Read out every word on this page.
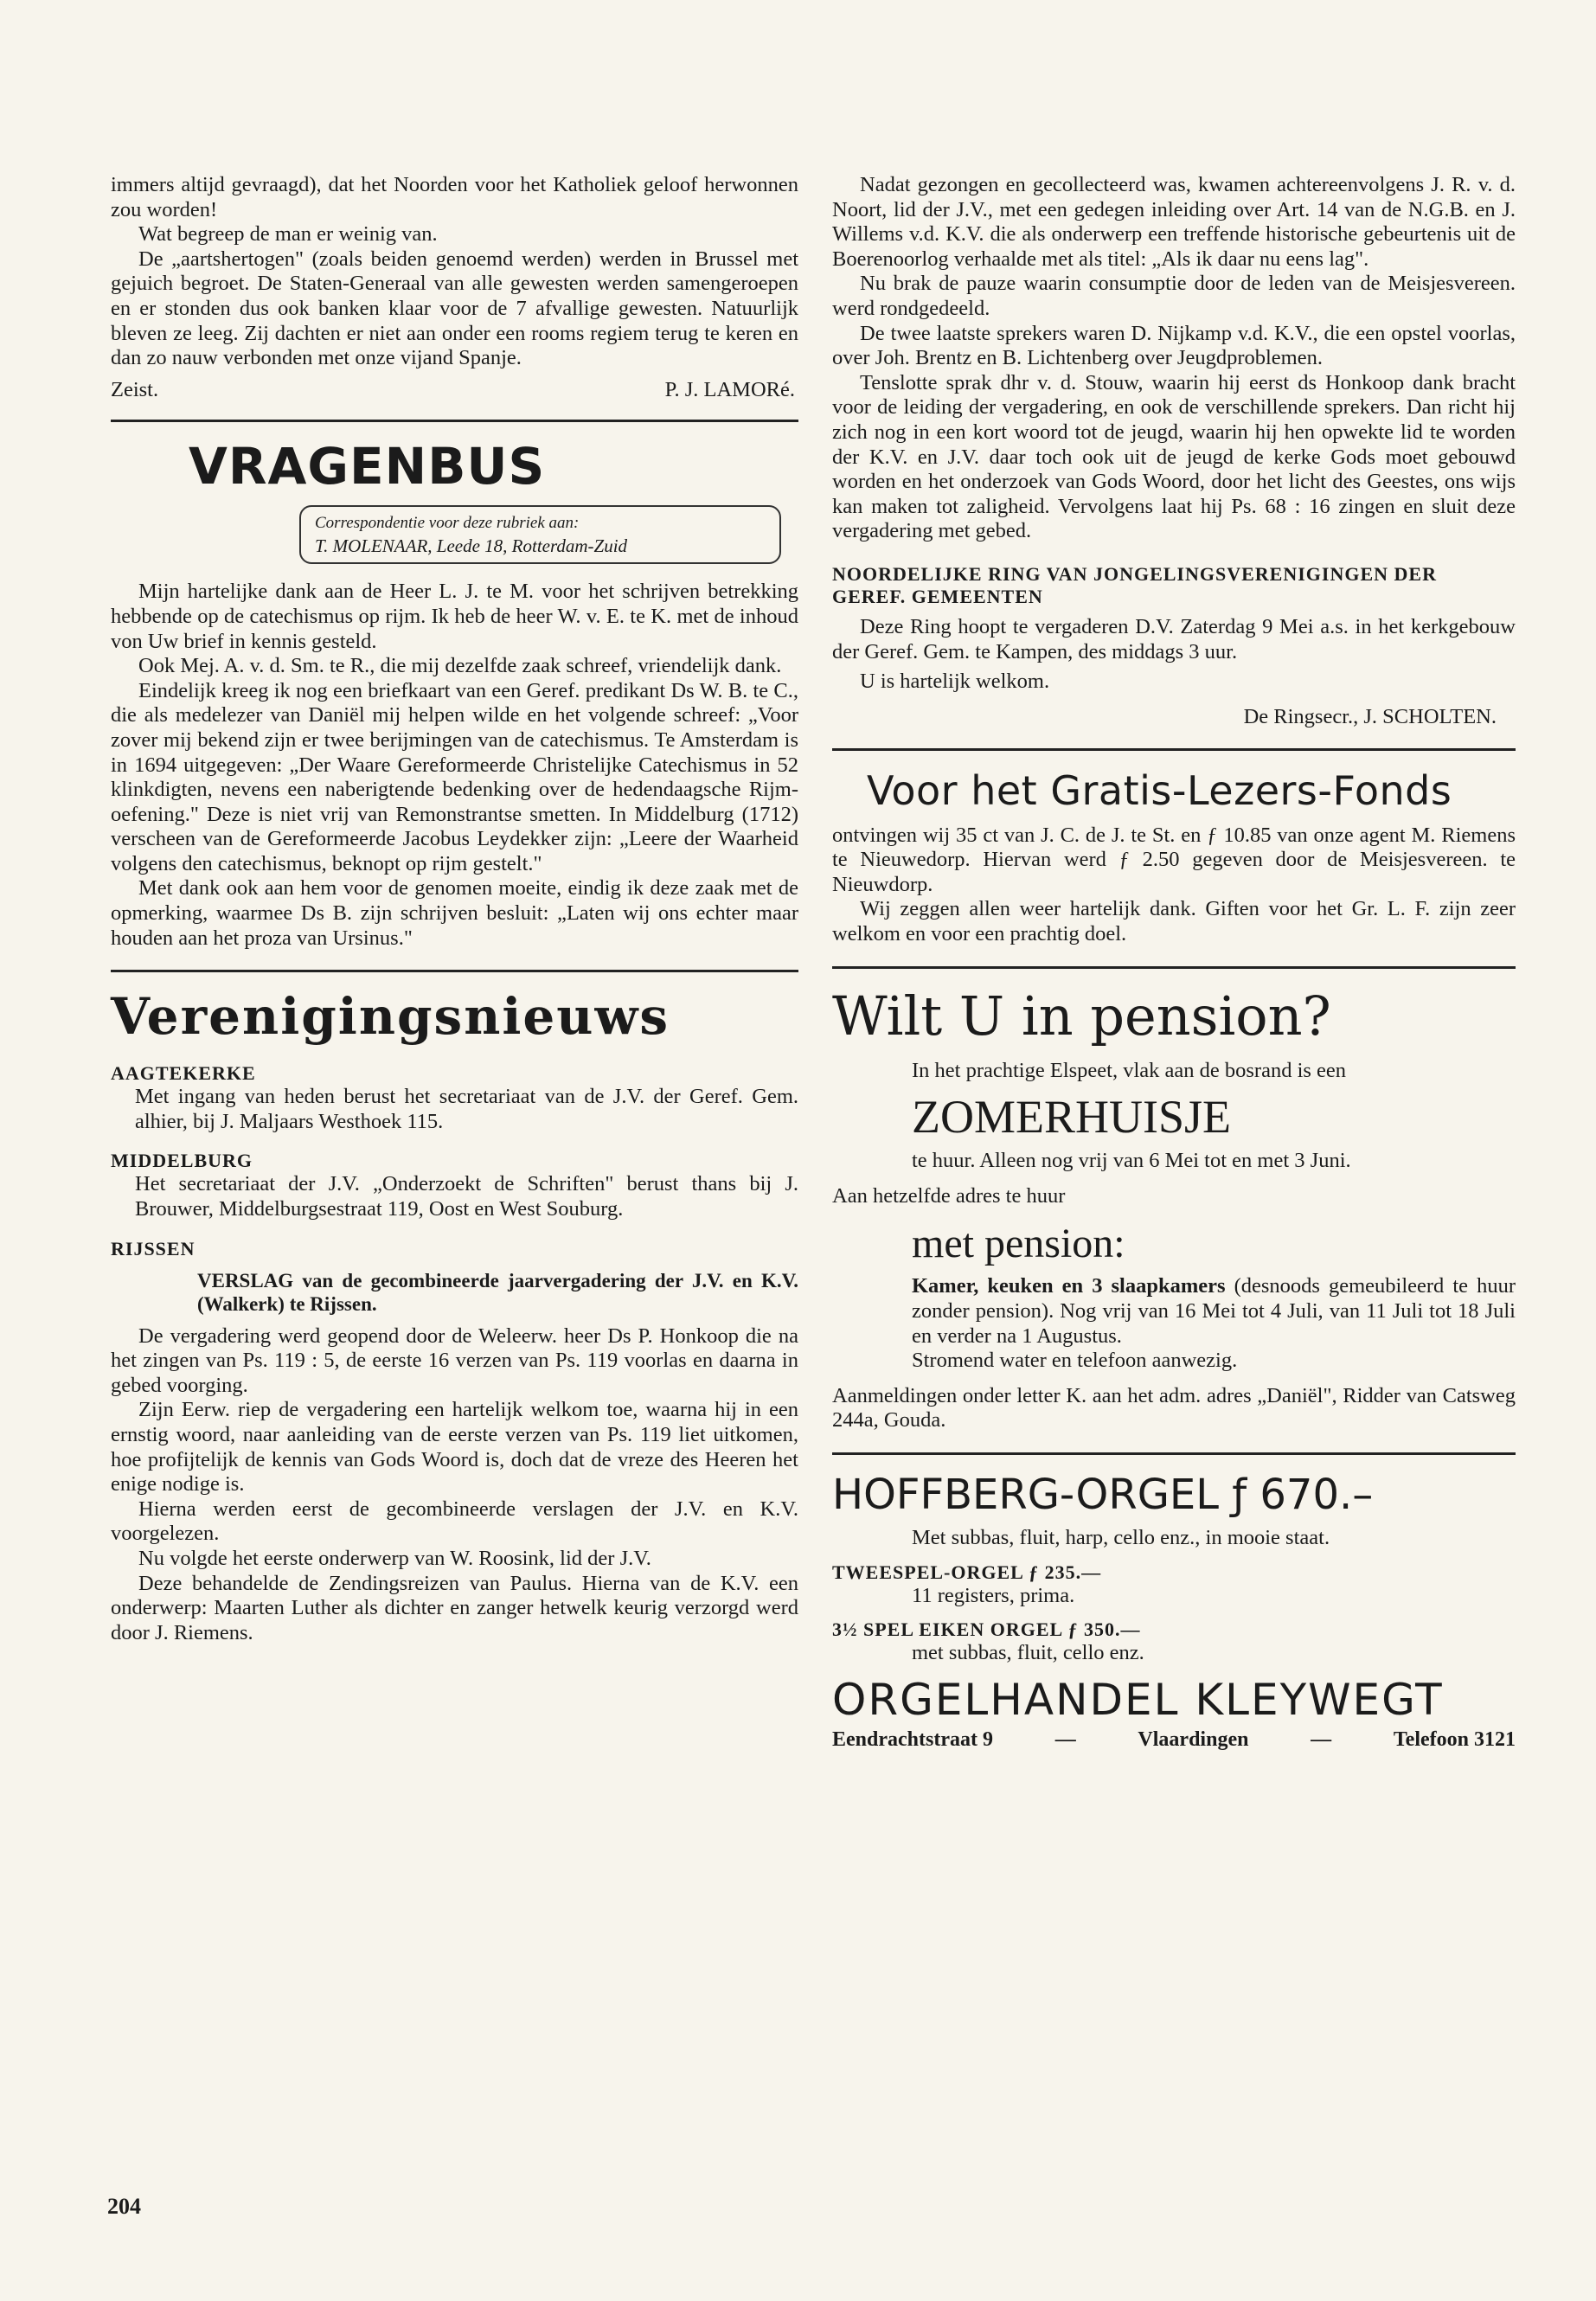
immers altijd gevraagd), dat het Noorden voor het Katholiek geloof herwonnen zou worden!

Wat begreep de man er weinig van.

De „aartshertogen" (zoals beiden genoemd werden) werden in Brussel met gejuich begroet. De Staten-Generaal van alle gewesten werden samengeroepen en er stonden dus ook banken klaar voor de 7 afvallige gewesten. Natuurlijk bleven ze leeg. Zij dachten er niet aan onder een rooms regiem terug te keren en dan zo nauw verbonden met onze vijand Spanje.

Zeist.	P. J. LAMORé.
VRAGENBUS
Correspondentie voor deze rubriek aan:
T. MOLENAAR, Leede 18, Rotterdam-Zuid

Mijn hartelijke dank aan de Heer L. J. te M. voor het schrijven betrekking hebbende op de catechismus op rijm. Ik heb de heer W. v. E. te K. met de inhoud von Uw brief in kennis gesteld.

Ook Mej. A. v. d. Sm. te R., die mij dezelfde zaak schreef, vriendelijk dank.

Eindelijk kreeg ik nog een briefkaart van een Geref. predikant Ds W. B. te C., die als medelezer van Daniël mij helpen wilde en het volgende schreef: „Voor zover mij bekend zijn er twee berijmingen van de catechismus. Te Amsterdam is in 1694 uitgegeven: „Der Waare Gereformeerde Christelijke Catechismus in 52 klinkdigten, nevens een naberigtende bedenking over de hedendaagsche Rijm-oefening." Deze is niet vrij van Remonstrantse smetten. In Middelburg (1712) verscheen van de Gereformeerde Jacobus Leydekker zijn: „Leere der Waarheid volgens den catechismus, beknopt op rijm gestelt."

Met dank ook aan hem voor de genomen moeite, eindig ik deze zaak met de opmerking, waarmee Ds B. zijn schrijven besluit: „Laten wij ons echter maar houden aan het proza van Ursinus."

Verenigingsnieuws
AAGTEKERKE

Met ingang van heden berust het secretariaat van de J.V. der Geref. Gem. alhier, bij J. Maljaars Westhoek 115.

MIDDELBURG

Het secretariaat der J.V. „Onderzoekt de Schriften" berust thans bij J. Brouwer, Middelburgsestraat 119, Oost en West Souburg.

RIJSSEN
VERSLAG van de gecombineerde jaarvergadering der J.V. en K.V. (Walkerk) te Rijssen.

De vergadering werd geopend door de Weleerw. heer Ds P. Honkoop die na het zingen van Ps. 119 : 5, de eerste 16 verzen van Ps. 119 voorlas en daarna in gebed voorging.

Zijn Eerw. riep de vergadering een hartelijk welkom toe, waarna hij in een ernstig woord, naar aanleiding van de eerste verzen van Ps. 119 liet uitkomen, hoe profijtelijk de kennis van Gods Woord is, doch dat de vreze des Heeren het enige nodige is.

Hierna werden eerst de gecombineerde verslagen der J.V. en K.V. voorgelezen.

Nu volgde het eerste onderwerp van W. Roosink, lid der J.V.

Deze behandelde de Zendingsreizen van Paulus. Hierna van de K.V. een onderwerp: Maarten Luther als dichter en zanger hetwelk keurig verzorgd werd door J. Riemens.

Nadat gezongen en gecollecteerd was, kwamen achtereenvolgens J. R. v. d. Noort, lid der J.V., met een gedegen inleiding over Art. 14 van de N.G.B. en J. Willems v.d. K.V. die als onderwerp een treffende historische gebeurtenis uit de Boerenoorlog verhaalde met als titel: „Als ik daar nu eens lag".

Nu brak de pauze waarin consumptie door de leden van de Meisjesvereen. werd rondgedeeld.

De twee laatste sprekers waren D. Nijkamp v.d. K.V., die een opstel voorlas, over Joh. Brentz en B. Lichtenberg over Jeugdproblemen.

Tenslotte sprak dhr v. d. Stouw, waarin hij eerst ds Honkoop dank bracht voor de leiding der vergadering, en ook de verschillende sprekers. Dan richt hij zich nog in een kort woord tot de jeugd, waarin hij hen opwekte lid te worden der K.V. en J.V. daar toch ook uit de jeugd de kerke Gods moet gebouwd worden en het onderzoek van Gods Woord, door het licht des Geestes, ons wijs kan maken tot zaligheid. Vervolgens laat hij Ps. 68 : 16 zingen en sluit deze vergadering met gebed.

NOORDELIJKE RING VAN JONGELINGSVERENIGINGEN DER GEREF. GEMEENTEN

Deze Ring hoopt te vergaderen D.V. Zaterdag 9 Mei a.s. in het kerkgebouw der Geref. Gem. te Kampen, des middags 3 uur.

U is hartelijk welkom.

De Ringsecr., J. SCHOLTEN.
Voor het Gratis-Lezers-Fonds

ontvingen wij 35 ct van J. C. de J. te St. en ƒ 10.85 van onze agent M. Riemens te Nieuwedorp. Hiervan werd ƒ 2.50 gegeven door de Meisjesvereen. te Nieuwdorp.

Wij zeggen allen weer hartelijk dank. Giften voor het Gr. L. F. zijn zeer welkom en voor een prachtig doel.

Wilt U in pension?

In het prachtige Elspeet, vlak aan de bosrand is een

ZOMERHUISJE

te huur. Alleen nog vrij van 6 Mei tot en met 3 Juni.

Aan hetzelfde adres te huur

met pension:

Kamer, keuken en 3 slaapkamers (desnoods gemeubileerd te huur zonder pension). Nog vrij van 16 Mei tot 4 Juli, van 11 Juli tot 18 Juli en verder na 1 Augustus.

Stromend water en telefoon aanwezig.

Aanmeldingen onder letter K. aan het adm. adres „Daniël", Ridder van Catsweg 244a, Gouda.

HOFFBERG-ORGEL ƒ 670.–

Met subbas, fluit, harp, cello enz., in mooie staat.

TWEESPEL-ORGEL ƒ 235.—

11 registers, prima.

3½ SPEL EIKEN ORGEL ƒ 350.—

met subbas, fluit, cello enz.

ORGELHANDEL KLEYWEGT
Eendrachtstraat 9	—	Vlaardingen	—	Telefoon 3121
204
